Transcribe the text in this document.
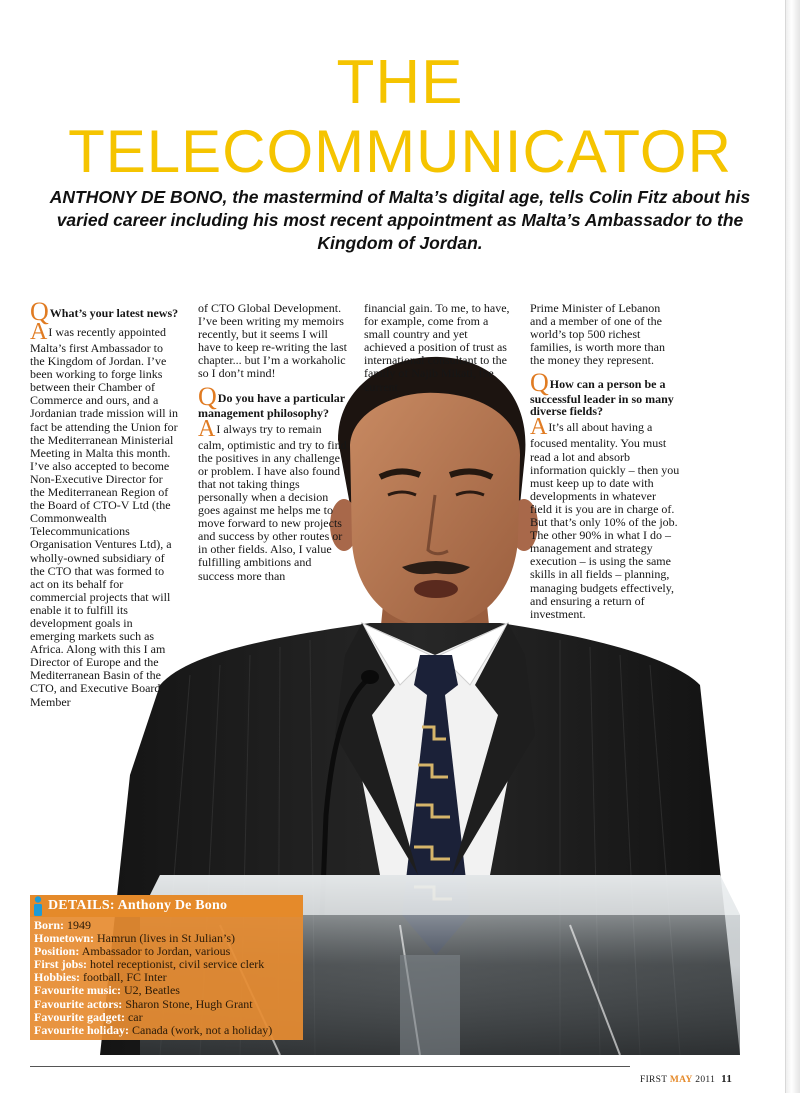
THE
TELECOMMUNICATOR

ANTHONY DE BONO, the mastermind of Malta’s digital age, tells Colin Fitz about his varied career including his most recent appointment as Malta’s Ambassador to the Kingdom of Jordan.

QWhat’s your latest news?

AI was recently appointed Malta’s first Ambassador to the Kingdom of Jordan. I’ve been working to forge links between their Chamber of Commerce and ours, and a Jordanian trade mission will in fact be attending the Union for the Mediterranean Ministerial Meeting in Malta this month. I’ve also accepted to become Non-Executive Director for the Mediterranean Region of the Board of CTO-V Ltd (the Commonwealth Telecommunications Organisation Ventures Ltd), a wholly-owned subsidiary of the CTO that was formed to act on its behalf for commercial projects that will enable it to fulfill its development goals in emerging markets such as Africa. Along with this I am Director of Europe and the Mediterranean Basin of the CTO, and Executive Board Member

of CTO Global Development. I’ve been writing my memoirs recently, but it seems I will have to keep re-writing the last chapter... but I’m a workaholic so I don’t mind!

QDo you have a particular management philosophy?

AI always try to remain calm, optimistic and try to find the positives in any challenge or problem. I have also found that not taking things personally when a decision goes against me helps me to move forward to new projects and success by other routes or in other fields. Also, I value fulfilling ambitions and success more than

financial gain. To me, to have, for example, come from a small country and yet achieved a position of trust as international consultant to the family of Najib Mikati, the current

Prime Minister of Lebanon and a member of one of the world’s top 500 richest families, is worth more than the money they represent.

QHow can a person be a successful leader in so many diverse fields?

AIt’s all about having a focused mentality. You must read a lot and absorb information quickly – then you must keep up to date with developments in whatever field it is you are in charge of. But that’s only 10% of the job. The other 90% in what I do – management and strategy execution – is using the same skills in all fields – planning, managing budgets effectively, and ensuring a return of investment.

DETAILS: Anthony De Bono
Born: 1949
Hometown: Hamrun (lives in St Julian’s)
Position: Ambassador to Jordan, various
First jobs: hotel receptionist, civil service clerk
Hobbies: football, FC Inter
Favourite music: U2, Beatles
Favourite actors: Sharon Stone, Hugh Grant
Favourite gadget: car
Favourite holiday: Canada (work, not a holiday)
FIRST MAY 2011 11
